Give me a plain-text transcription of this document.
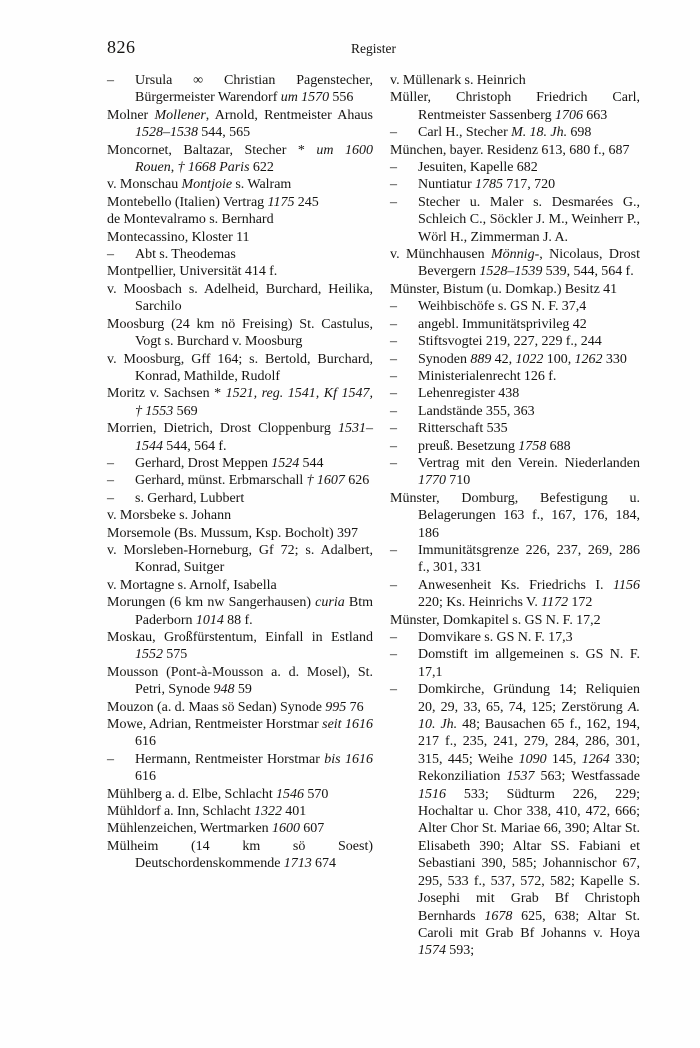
826	Register

– Ursula ∞ Christian Pagenstecher, Bürgermeister Warendorf um 1570 556

Molner Mollener, Arnold, Rentmeister Ahaus 1528–1538 544, 565

Moncornet, Baltazar, Stecher * um 1600 Rouen, † 1668 Paris 622

v. Monschau Montjoie s. Walram

Montebello (Italien) Vertrag 1175 245

de Montevalramo s. Bernhard

Montecassino, Kloster 11

– Abt s. Theodemas

Montpellier, Universität 414 f.

v. Moosbach s. Adelheid, Burchard, Heilika, Sarchilo

Moosburg (24 km nö Freising) St. Castulus, Vogt s. Burchard v. Moosburg

v. Moosburg, Gff 164; s. Bertold, Burchard, Konrad, Mathilde, Rudolf

Moritz v. Sachsen * 1521, reg. 1541, Kf 1547, † 1553 569

Morrien, Dietrich, Drost Cloppenburg 1531–1544 544, 564 f.

– Gerhard, Drost Meppen 1524 544

– Gerhard, münst. Erbmarschall † 1607 626

– s. Gerhard, Lubbert

v. Morsbeke s. Johann

Morsemole (Bs. Mussum, Ksp. Bocholt) 397

v. Morsleben-Horneburg, Gf 72; s. Adalbert, Konrad, Suitger

v. Mortagne s. Arnolf, Isabella

Morungen (6 km nw Sangerhausen) curia Btm Paderborn 1014 88 f.

Moskau, Großfürstentum, Einfall in Estland 1552 575

Mousson (Pont-à-Mousson a. d. Mosel), St. Petri, Synode 948 59

Mouzon (a. d. Maas sö Sedan) Synode 995 76

Mowe, Adrian, Rentmeister Horstmar seit 1616 616

– Hermann, Rentmeister Horstmar bis 1616 616

Mühlberg a. d. Elbe, Schlacht 1546 570

Mühldorf a. Inn, Schlacht 1322 401

Mühlenzeichen, Wertmarken 1600 607

Mülheim (14 km sö Soest) Deutschordenskommende 1713 674

v. Müllenark s. Heinrich

Müller, Christoph Friedrich Carl, Rentmeister Sassenberg 1706 663

– Carl H., Stecher M. 18. Jh. 698

München, bayer. Residenz 613, 680 f., 687

– Jesuiten, Kapelle 682

– Nuntiatur 1785 717, 720

– Stecher u. Maler s. Desmarées G., Schleich C., Söckler J. M., Weinherr P., Wörl H., Zimmerman J. A.

v. Münchhausen Mönnig-, Nicolaus, Drost Bevergern 1528–1539 539, 544, 564 f.

Münster, Bistum (u. Domkap.) Besitz 41

– Weihbischöfe s. GS N. F. 37,4

– angebl. Immunitätsprivileg 42

– Stiftsvogtei 219, 227, 229 f., 244

– Synoden 889 42, 1022 100, 1262 330

– Ministerialenrecht 126 f.

– Lehenregister 438

– Landstände 355, 363

– Ritterschaft 535

– preuß. Besetzung 1758 688

– Vertrag mit den Verein. Niederlanden 1770 710

Münster, Domburg, Befestigung u. Belagerungen 163 f., 167, 176, 184, 186

– Immunitätsgrenze 226, 237, 269, 286 f., 301, 331

– Anwesenheit Ks. Friedrichs I. 1156 220; Ks. Heinrichs V. 1172 172

Münster, Domkapitel s. GS N. F. 17,2

– Domvikare s. GS N. F. 17,3

– Domstift im allgemeinen s. GS N. F. 17,1

– Domkirche, Gründung 14; Reliquien 20, 29, 33, 65, 74, 125; Zerstörung A. 10. Jh. 48; Bausachen 65 f., 162, 194, 217 f., 235, 241, 279, 284, 286, 301, 315, 445; Weihe 1090 145, 1264 330; Rekonziliation 1537 563; Westfassade 1516 533; Südturm 226, 229; Hochaltar u. Chor 338, 410, 472, 666; Alter Chor St. Mariae 66, 390; Altar St. Elisabeth 390; Altar SS. Fabiani et Sebastiani 390, 585; Johannischor 67, 295, 533 f., 537, 572, 582; Kapelle S. Josephi mit Grab Bf Christoph Bernhards 1678 625, 638; Altar St. Caroli mit Grab Bf Johanns v. Hoya 1574 593;
